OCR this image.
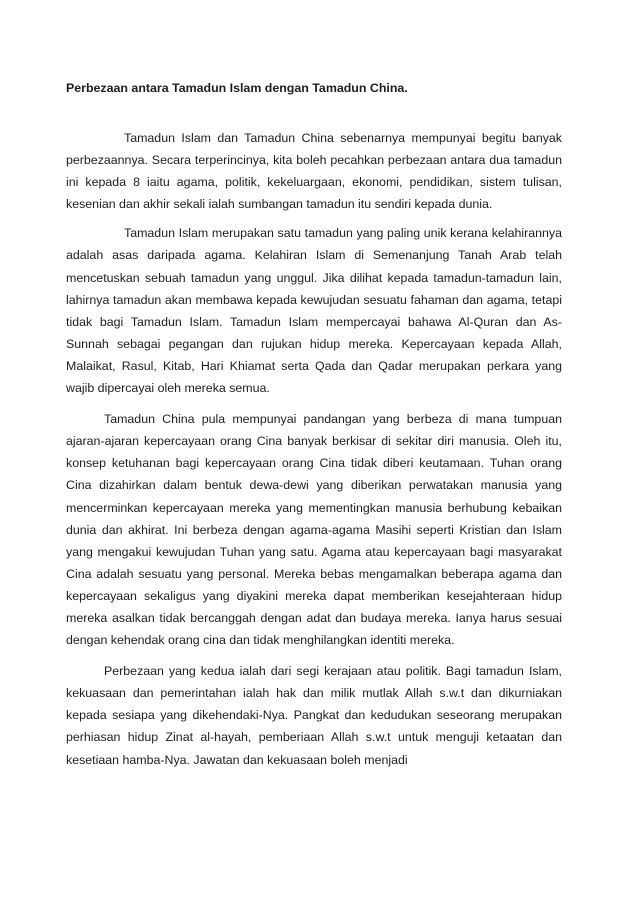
Perbezaan antara Tamadun Islam dengan Tamadun China.

Tamadun Islam dan Tamadun China sebenarnya mempunyai begitu banyak perbezaannya. Secara terperincinya, kita boleh pecahkan perbezaan antara dua tamadun ini kepada 8 iaitu agama, politik, kekeluargaan, ekonomi, pendidikan, sistem tulisan, kesenian dan akhir sekali ialah sumbangan tamadun itu sendiri kepada dunia.

Tamadun Islam merupakan satu tamadun yang paling unik kerana kelahirannya adalah asas daripada agama. Kelahiran Islam di Semenanjung Tanah Arab telah mencetuskan sebuah tamadun yang unggul. Jika dilihat kepada tamadun-tamadun lain, lahirnya tamadun akan membawa kepada kewujudan sesuatu fahaman dan agama, tetapi tidak bagi Tamadun Islam. Tamadun Islam mempercayai bahawa Al-Quran dan As-Sunnah sebagai pegangan dan rujukan hidup mereka. Kepercayaan kepada Allah, Malaikat, Rasul, Kitab, Hari Khiamat serta Qada dan Qadar merupakan perkara yang wajib dipercayai oleh mereka semua.

Tamadun China pula mempunyai pandangan yang berbeza di mana tumpuan ajaran-ajaran kepercayaan orang Cina banyak berkisar di sekitar diri manusia. Oleh itu, konsep ketuhanan bagi kepercayaan orang Cina tidak diberi keutamaan. Tuhan orang Cina dizahirkan dalam bentuk dewa-dewi yang diberikan perwatakan manusia yang mencerminkan kepercayaan mereka yang mementingkan manusia berhubung kebaikan dunia dan akhirat. Ini berbeza dengan agama-agama Masihi seperti Kristian dan Islam yang mengakui kewujudan Tuhan yang satu. Agama atau kepercayaan bagi masyarakat Cina adalah sesuatu yang personal. Mereka bebas mengamalkan beberapa agama dan kepercayaan sekaligus yang diyakini mereka dapat memberikan kesejahteraan hidup mereka asalkan tidak bercanggah dengan adat dan budaya mereka. Ianya harus sesuai dengan kehendak orang cina dan tidak menghilangkan identiti mereka.

Perbezaan yang kedua ialah dari segi kerajaan atau politik. Bagi tamadun Islam, kekuasaan dan pemerintahan ialah hak dan milik mutlak Allah s.w.t dan dikurniakan kepada sesiapa yang dikehendaki-Nya. Pangkat dan kedudukan seseorang merupakan perhiasan hidup Zinat al-hayah, pemberiaan Allah s.w.t untuk menguji ketaatan dan kesetiaan hamba-Nya. Jawatan dan kekuasaan boleh menjadi
